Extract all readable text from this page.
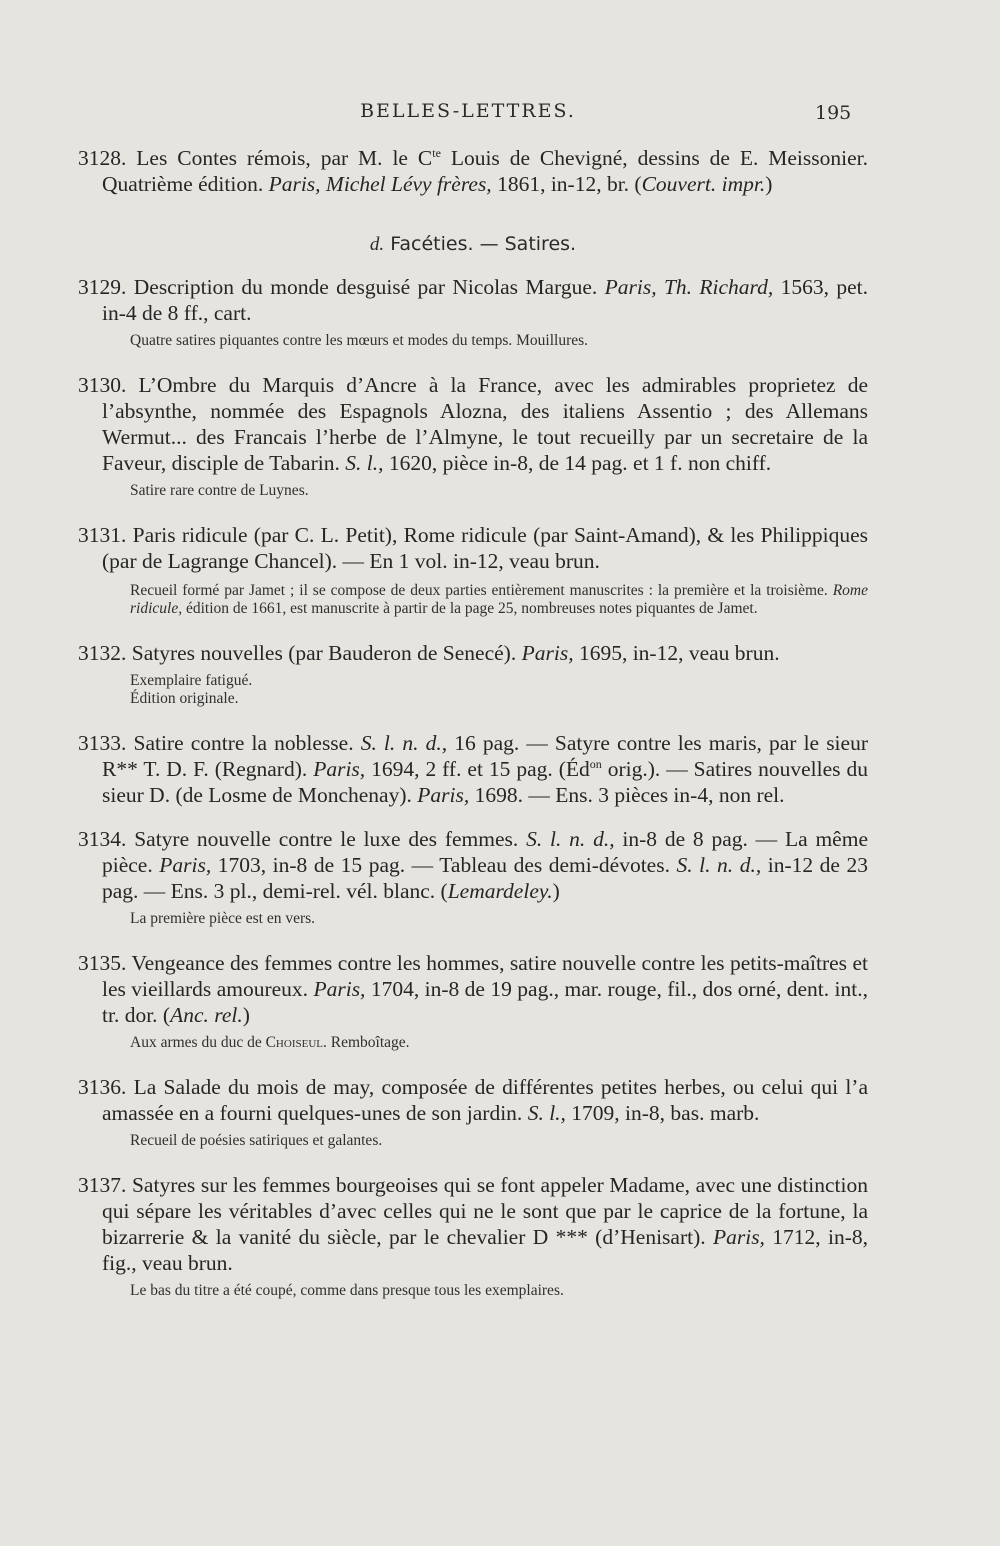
BELLES-LETTRES.	195

3128. Les Contes rémois, par M. le $C^{te}$ Louis de Chevigné, dessins de E. Meissonier. Quatrième édition. Paris, Michel Lévy frères, 1861, in-12, br. (Couvert. impr.)

d. Facéties. — Satires.

3129. Description du monde desguisé par Nicolas Margue. Paris, Th. Richard, 1563, pet. in-4 de 8 ff., cart.

Quatre satires piquantes contre les mœurs et modes du temps. Mouillures.

3130. L’Ombre du Marquis d’Ancre à la France, avec les admirables proprietez de l’absynthe, nommée des Espagnols Alozna, des italiens Assentio ; des Allemans Wermut... des Francais l’herbe de l’Almyne, le tout recueilly par un secretaire de la Faveur, disciple de Tabarin. S. l., 1620, pièce in-8, de 14 pag. et 1 f. non chiff.

Satire rare contre de Luynes.

3131. Paris ridicule (par C. L. Petit), Rome ridicule (par Saint-Amand), & les Philippiques (par de Lagrange Chancel). — En 1 vol. in-12, veau brun.

Recueil formé par Jamet ; il se compose de deux parties entièrement manuscrites : la première et la troisième. Rome ridicule, édition de 1661, est manuscrite à partir de la page 25, nombreuses notes piquantes de Jamet.

3132. Satyres nouvelles (par Bauderon de Senecé). Paris, 1695, in-12, veau brun.

Exemplaire fatigué.

Édition originale.

3133. Satire contre la noblesse. S. l. n. d., 16 pag. — Satyre contre les maris, par le sieur R** T. D. F. (Regnard). Paris, 1694, 2 ff. et 15 pag. ($Éd^{on}$ orig.). — Satires nouvelles du sieur D. (de Losme de Monchenay). Paris, 1698. — Ens. 3 pièces in-4, non rel.

3134. Satyre nouvelle contre le luxe des femmes. S. l. n. d., in-8 de 8 pag. — La même pièce. Paris, 1703, in-8 de 15 pag. — Tableau des demi-dévotes. S. l. n. d., in-12 de 23 pag. — Ens. 3 pl., demi-rel. vél. blanc. (Lemardeley.)

La première pièce est en vers.

3135. Vengeance des femmes contre les hommes, satire nouvelle contre les petits-maîtres et les vieillards amoureux. Paris, 1704, in-8 de 19 pag., mar. rouge, fil., dos orné, dent. int., tr. dor. (Anc. rel.)

Aux armes du duc de Choiseul. Remboîtage.

3136. La Salade du mois de may, composée de différentes petites herbes, ou celui qui l’a amassée en a fourni quelques-unes de son jardin. S. l., 1709, in-8, bas. marb.

Recueil de poésies satiriques et galantes.

3137. Satyres sur les femmes bourgeoises qui se font appeler Madame, avec une distinction qui sépare les véritables d’avec celles qui ne le sont que par le caprice de la fortune, la bizarrerie & la vanité du siècle, par le chevalier D *** (d’Henisart). Paris, 1712, in-8, fig., veau brun.

Le bas du titre a été coupé, comme dans presque tous les exemplaires.
